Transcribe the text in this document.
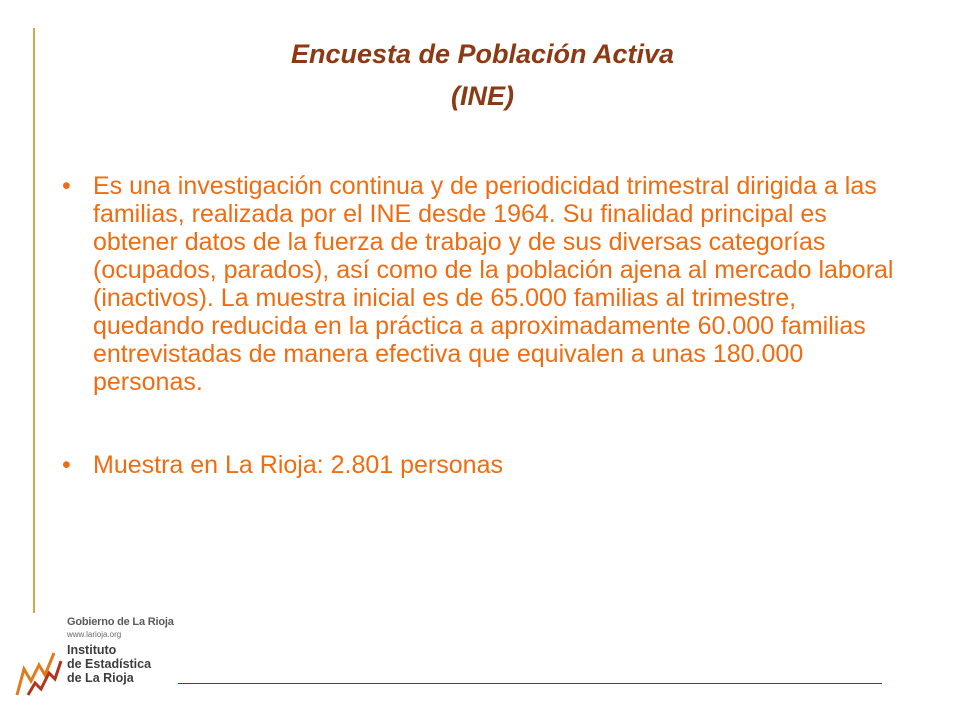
Encuesta de Población Activa
(INE)

• Es una investigación continua y de periodicidad trimestral dirigida a las familias, realizada por el INE desde 1964. Su finalidad principal es obtener datos de la fuerza de trabajo y de sus diversas categorías (ocupados, parados), así como de la población ajena al mercado laboral (inactivos). La muestra inicial es de 65.000 familias al trimestre, quedando reducida en la práctica a aproximadamente 60.000 familias entrevistadas de manera efectiva que equivalen a unas 180.000 personas.

• Muestra en La Rioja: 2.801 personas

Gobierno de La Rioja
www.larioja.org
Instituto
de Estadística
de La Rioja
